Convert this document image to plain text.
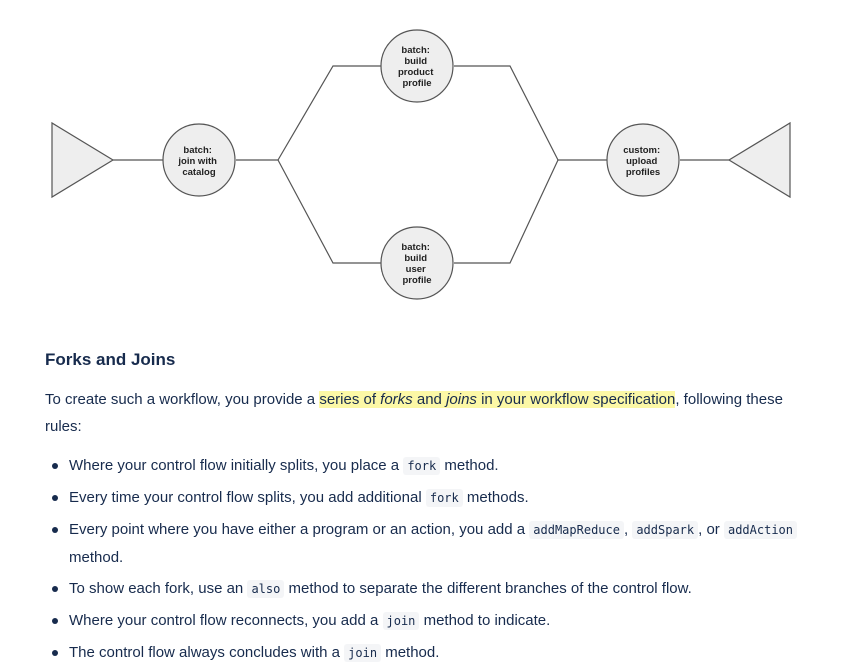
batch: join with catalog
batch: build product profile
batch: build user profile
custom: upload profiles
Forks and Joins

To create such a workflow, you provide a series of forks and joins in your workflow specification, following these rules:

Where your control flow initially splits, you place a fork method.
Every time your control flow splits, you add additional fork methods.
Every point where you have either a program or an action, you add a addMapReduce , addSpark , or addAction method.
To show each fork, use an also method to separate the different branches of the control flow.
Where your control flow reconnects, you add a join method to indicate.
The control flow always concludes with a join method.
